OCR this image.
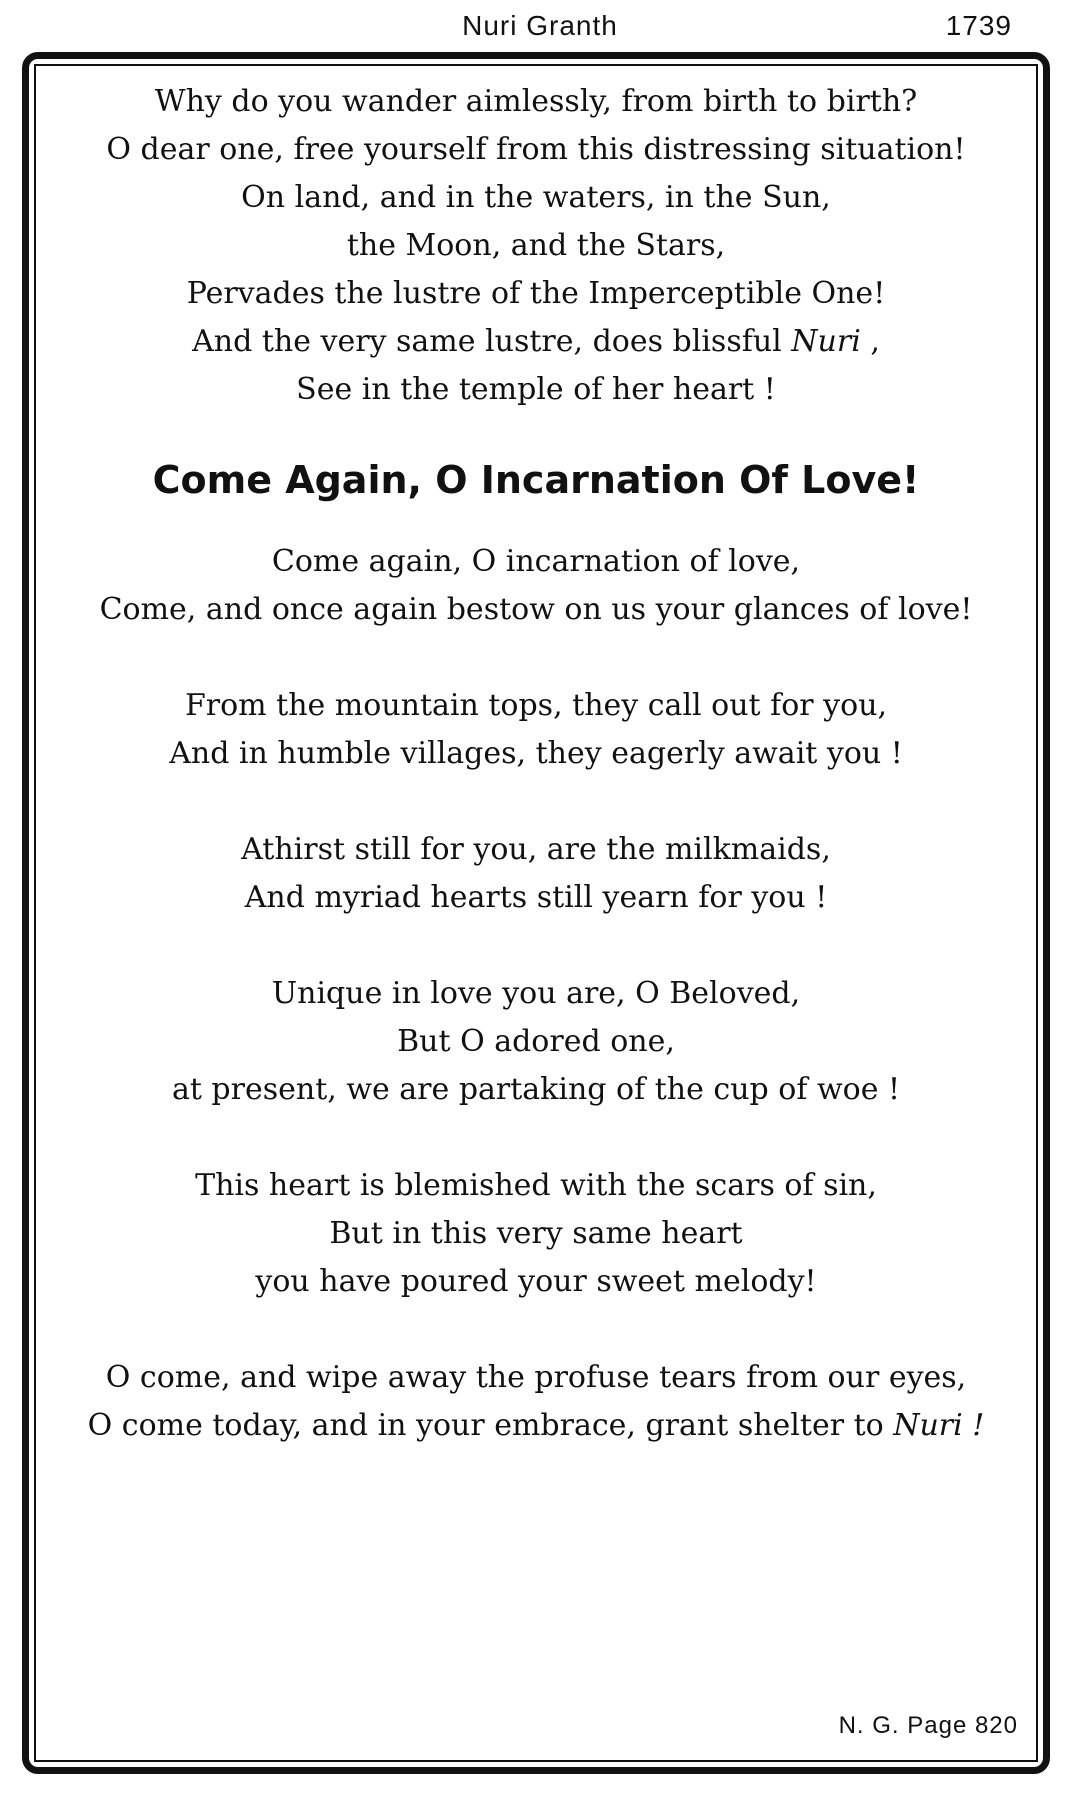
Nuri Granth	1739
Why do you wander aimlessly, from birth to birth?
O dear one, free yourself from this distressing situation!
On land, and in the waters, in the Sun,
the Moon, and the Stars,
Pervades the lustre of the Imperceptible One!
And the very same lustre, does blissful Nuri ,
See in the temple of her heart !
Come Again, O Incarnation Of Love!
Come again, O incarnation of love,
Come, and once again bestow on us your glances of love!
From the mountain tops, they call out for you,
And in humble villages, they eagerly await you !
Athirst still for you, are the milkmaids,
And myriad hearts still yearn for you !
Unique in love you are, O Beloved,
But O adored one,
at present, we are partaking of the cup of woe !
This heart is blemished with the scars of sin,
But in this very same heart
you have poured your sweet melody!
O come, and wipe away the profuse tears from our eyes,
O come today, and in your embrace, grant shelter to Nuri !
N. G. Page 820
